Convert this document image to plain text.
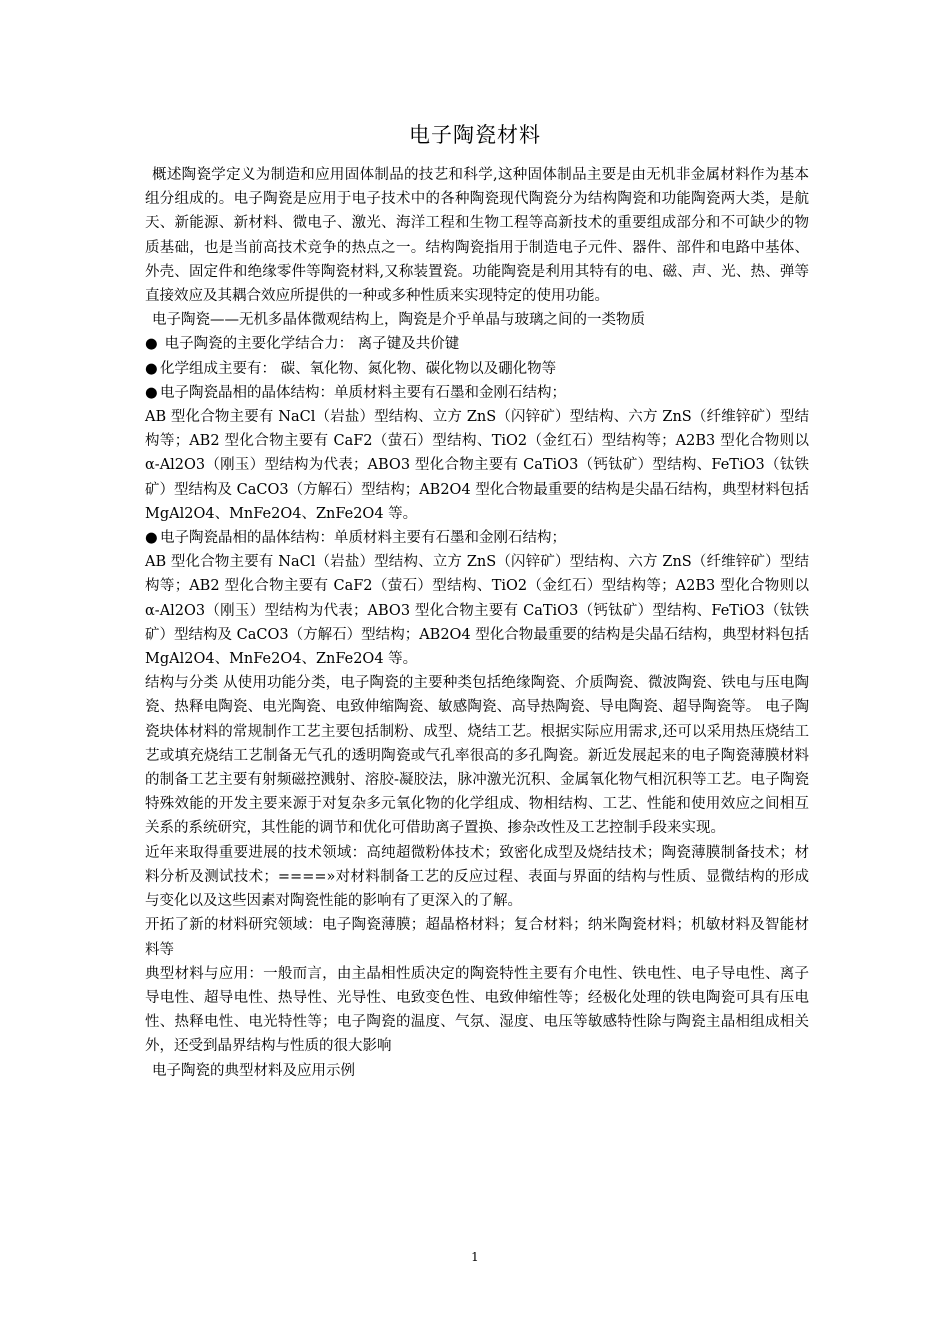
电子陶瓷材料

概述陶瓷学定义为制造和应用固体制品的技艺和科学,这种固体制品主要是由无机非金属材料作为基本组分组成的。电子陶瓷是应用于电子技术中的各种陶瓷现代陶瓷分为结构陶瓷和功能陶瓷两大类，是航天、新能源、新材料、微电子、激光、海洋工程和生物工程等高新技术的重要组成部分和不可缺少的物质基础，也是当前高技术竞争的热点之一。结构陶瓷指用于制造电子元件、器件、部件和电路中基体、外壳、固定件和绝缘零件等陶瓷材料,又称装置瓷。功能陶瓷是利用其特有的电、磁、声、光、热、弹等直接效应及其耦合效应所提供的一种或多种性质来实现特定的使用功能。

电子陶瓷——无机多晶体微观结构上，陶瓷是介乎单晶与玻璃之间的一类物质

● 电子陶瓷的主要化学结合力： 离子键及共价键

● 化学组成主要有： 碳、氧化物、氮化物、碳化物以及硼化物等

● 电子陶瓷晶相的晶体结构：单质材料主要有石墨和金刚石结构；

AB 型化合物主要有 NaCl（岩盐）型结构、立方 ZnS（闪锌矿）型结构、六方 ZnS（纤维锌矿）型结构等；AB2 型化合物主要有 CaF2（萤石）型结构、TiO2（金红石）型结构等；A2B3 型化合物则以α-Al2O3（刚玉）型结构为代表；ABO3 型化合物主要有 CaTiO3（钙钛矿）型结构、FeTiO3（钛铁矿）型结构及 CaCO3（方解石）型结构；AB2O4 型化合物最重要的结构是尖晶石结构，典型材料包括 MgAl2O4、MnFe2O4、ZnFe2O4 等。

● 电子陶瓷晶相的晶体结构：单质材料主要有石墨和金刚石结构；

AB 型化合物主要有 NaCl（岩盐）型结构、立方 ZnS（闪锌矿）型结构、六方 ZnS（纤维锌矿）型结构等；AB2 型化合物主要有 CaF2（萤石）型结构、TiO2（金红石）型结构等；A2B3 型化合物则以α-Al2O3（刚玉）型结构为代表；ABO3 型化合物主要有 CaTiO3（钙钛矿）型结构、FeTiO3（钛铁矿）型结构及 CaCO3（方解石）型结构；AB2O4 型化合物最重要的结构是尖晶石结构，典型材料包括 MgAl2O4、MnFe2O4、ZnFe2O4 等。

结构与分类 从使用功能分类，电子陶瓷的主要种类包括绝缘陶瓷、介质陶瓷、微波陶瓷、铁电与压电陶瓷、热释电陶瓷、电光陶瓷、电致伸缩陶瓷、敏感陶瓷、高导热陶瓷、导电陶瓷、超导陶瓷等。 电子陶瓷块体材料的常规制作工艺主要包括制粉、成型、烧结工艺。根据实际应用需求,还可以采用热压烧结工艺或填充烧结工艺制备无气孔的透明陶瓷或气孔率很高的多孔陶瓷。新近发展起来的电子陶瓷薄膜材料的制备工艺主要有射频磁控溅射、溶胶-凝胶法，脉冲激光沉积、金属氧化物气相沉积等工艺。电子陶瓷特殊效能的开发主要来源于对复杂多元氧化物的化学组成、物相结构、工艺、性能和使用效应之间相互关系的系统研究，其性能的调节和优化可借助离子置换、掺杂改性及工艺控制手段来实现。

近年来取得重要进展的技术领域：高纯超微粉体技术；致密化成型及烧结技术；陶瓷薄膜制备技术；材料分析及测试技术；====»对材料制备工艺的反应过程、表面与界面的结构与性质、显微结构的形成与变化以及这些因素对陶瓷性能的影响有了更深入的了解。

开拓了新的材料研究领域：电子陶瓷薄膜；超晶格材料；复合材料；纳米陶瓷材料；机敏材料及智能材料等

典型材料与应用：一般而言，由主晶相性质决定的陶瓷特性主要有介电性、铁电性、电子导电性、离子导电性、超导电性、热导性、光导性、电致变色性、电致伸缩性等；经极化处理的铁电陶瓷可具有压电性、热释电性、电光特性等；电子陶瓷的温度、气氛、湿度、电压等敏感特性除与陶瓷主晶相组成相关外，还受到晶界结构与性质的很大影响

电子陶瓷的典型材料及应用示例

1
